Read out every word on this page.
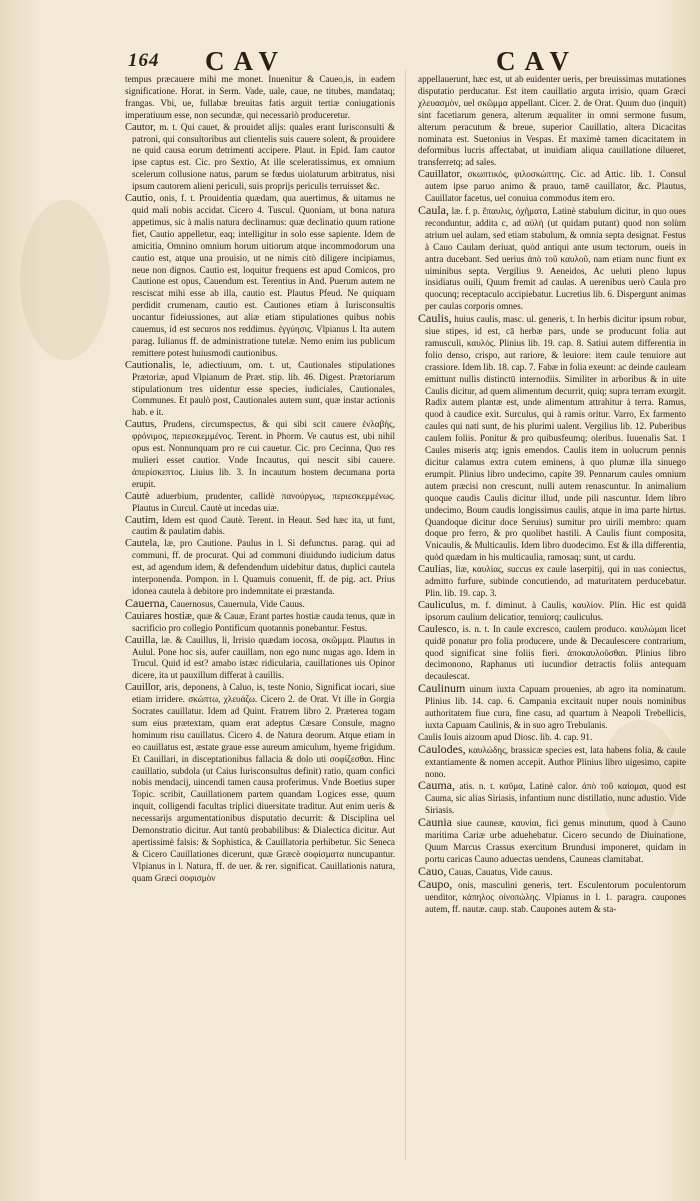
164 CAV	CAV

tempus præcauere mihi me monet. Inuenitur & Caueo,is, in eadem significatione. Horat. in Serm. Vade, uale, caue, ne titubes, mandataq; frangas. Vbi, ue, fullabæ breuitas fatis arguit tertiæ coniugationis imperatiuum esse, non secundæ, qui necessariò produceretur.

Cautor, m. t. Qui cauet, & prouidet alijs: quales erant Iurisconsulti & patroni, qui consultoribus aut clientelis suis cauere solent, & prouidere ne quid causa eorum detrimenti accipere. Plaut. in Epid. Iam cautor ipse captus est. Cic. pro Sextio, At ille sceleratissimus, ex omnium scelerum collusione natus, parum se fœdus uiolaturum arbitratus, nisi ipsum cautorem alieni periculi, suis proprijs periculis terruisset &c.

Cautio, onis, f. t. Prouidentia quædam, qua auertimus, & uitamus ne quid mali nobis accidat. Cicero 4. Tuscul. Quoniam, ut bona natura appetimus, sic à malis natura declinamus: quæ declinatio quum ratione fiet, Cautio appelletur, eaq; intelligitur in solo esse sapiente. Idem de amicitia, Omnino omnium horum uitiorum atque incommodorum una cautio est, atque una prouisio, ut ne nimis citò diligere incipiamus, neue non dignos. Cautio est, loquitur frequens est apud Comicos, pro Cautione est opus, Cauendum est. Terentius in And. Puerum autem ne resciscat mihi esse ab illa, cautio est. Plautus Pfeud. Ne quiquam perdidit crumenam, cautio est. Cautiones etiam à Iurisconsultis uocantur fideiussiones, aut aliæ etiam stipulationes quibus nobis cauemus, id est securos nos reddimus. ἐγγύησις. Vlpianus l. Ita autem parag. Iulianus ff. de administratione tutelæ. Nemo enim ius publicum remittere potest huiusmodi cautionibus.

Cautionalis, le, adiectiuum, om. t. ut, Cautionales stipulationes Prætoriæ, apud Vlpianum de Præt. stip. lib. 46. Digest. Prætoriarum stipulationum tres uidentur esse species, iudiciales, Cautionales, Communes. Et paulò post, Cautionales autem sunt, quæ instar actionis hab. e it.

Cautus, Prudens, circumspectus, & qui sibi scit cauere ἐνλαβὴς, φρόνιμος, περιεσκεμμένος. Terent. in Phorm. Ve cautus est, ubi nihil opus est. Nonnunquam pro re cui cauetur. Cic. pro Cecinna, Quo res mulieri esset cautior. Vnde Incautus, qui nescit sibi cauere. ἀπερίσκεπτος. Liuius lib. 3. In incautum hostem decumana porta erupit.

Cautè aduerbium, prudenter, callidè πανούργως, περιεσκεμμένως. Plautus in Curcul. Cautè ut incedas uiæ.

Cautim, Idem est quod Cautè. Terent. in Heaut. Sed hæc ita, ut funt, cautim & paulatim dabis.

Cautela, læ, pro Cautione. Paulus in l. Si defunctus. parag. qui ad communi, ff. de procurat. Qui ad communi diuidundo iudicium datus est, ad agendum idem, & defendendum uidebitur datus, duplici cautela interponenda. Pompon. in l. Quamuis conuenit, ff. de pig. act. Prius idonea cautela à debitore pro indemnitate ei præstanda.

Cauerna, Cauernosus, Cauernula, Vide Cauus.

Cauiares hostiæ, quæ & Cauæ, Erant partes hostiæ cauda tenus, quæ in sacrificio pro collegio Pontificum quotannis ponebantur. Festus.

Cauilla, læ. & Cauillus, li, Irrisio quædam iocosa, σκῶμμα. Plautus in Aulul. Pone hoc sis, aufer cauillam, non ego nunc nugas ago. Idem in Trucul. Quid id est? amabo istæc ridicularia, cauillationes uis Opinor dicere, ita ut pauxillum differat à cauillis.

Cauillor, aris, deponens, à Caluo, is, teste Nonio, Significat iocari, siue etiam irridere. σκώπτω, χλευάζω. Cicero 2. de Orat. Vt ille in Gorgia Socrates cauillatur. Idem ad Quint. Fratrem libro 2. Præterea togam sum eius prætextam, quam erat adeptus Cæsare Consule, magno hominum risu cauillatus. Cicero 4. de Natura deorum. Atque etiam in eo cauillatus est, æstate graue esse aureum amiculum, hyeme frigidum. Et Cauillari, in disceptationibus fallacia & dolo uti σοφίζεσθαι. Hinc cauillatio, subdola (ut Caius Iurisconsultus definit) ratio, quam confici nobis mendacij, uincendi tamen causa proferimus. Vnde Boetius super Topic. scribit, Cauillationem partem quandam Logices esse, quum inquit, colligendi facultas triplici diuersitate traditur. Aut enim ueris & necessarijs argumentationibus disputatio decurrit: & Disciplina uel Demonstratio dicitur. Aut tantù probabilibus: & Dialectica dicitur. Aut apertissimè falsis: & Sophistica, & Cauillatoria perhibetur. Sic Seneca & Cicero Cauillationes dicerunt, quæ Græcè σοφίσματα nuncupantur. Vlpianus in l. Natura, ff. de uer. & rer. significat. Cauillationis natura, quam Græci σοφισμὸν

appellauerunt, hæc est, ut ab euidenter ueris, per breuissimas mutationes disputatio perducatur. Est item cauillatio arguta irrisio, quam Græci χλευασμὸν, uel σκῶμμα appellant. Cicer. 2. de Orat. Quum duo (inquit) sint facetiarum genera, alterum æqualiter in omni sermone fusum, alterum peracutum & breue, superior Cauillatio, altera Dicacitas nominata est. Suetonius in Vespas. Et maximè tamen dicacitatem in deformibus lucris affectabat, ut inuidiam aliqua cauillatione dilueret, transferretq; ad sales.

Cauillator, σκωπτικός, φιλοσκώπτης. Cic. ad Attic. lib. 1. Consul autem ipse paruo animo & prauo, tamē cauillator, &c. Plautus, Cauillator facetus, uel conuiua commodus item ero.

Caula, læ. f. p. ἔπαυλις, ὀχῆματα, Latinè stabulum dicitur, in quo oues reconduntur, addita c, ad αὐλὴ (ut quidam putant) quod non solùm atrium uel aulam, sed etiam stabulum, & omnia septa designat. Festus à Cauo Caulam deriuat, quòd antiqui ante usum tectorum, oueis in antra ducebant. Sed uerius ἀπὸ τοῦ καυλοῦ, nam etiam nunc fiunt ex uiminibus septa. Vergilius 9. Aeneidos, Ac ueluti pleno lupus insidiatus ouili, Quum fremit ad caulas. A uerenibus uerò Caula pro quocunq; receptaculo accipiebatur. Lucretius lib. 6. Dispergunt animas per caulas corporis omnes.

Caulis, huius caulis, masc. ul. generis, t. In herbis dicitur ipsum robur, siue stipes, id est, cā herbæ pars, unde se producunt folia aut ramusculi, καυλός. Plinius lib. 19. cap. 8. Satiui autem differentia in folio denso, crispo, aut rariore, & leuiore: item caule tenuiore aut crassiore. Idem lib. 18. cap. 7. Fabæ in folia exeunt: ac deinde cauleam emittunt nullis distinctū internodiis. Similiter in arboribus & in uite Caulis dicitur, ad quem alimentum decurrit, quiq; supra terram exurgit. Radix autem plantæ est, unde alimentum attrahitur à terra. Ramus, quod à caudice exit. Surculus, qui à ramis oritur. Varro, Ex farmento caules qui nati sunt, de his plurimi ualent. Vergilius lib. 12. Puberibus caulem foliis. Ponitur & pro quibusfeumq; oleribus. Iuuenalis Sat. 1 Caules miseris atq; ignis emendos. Caulis item in uolucrum pennis dicitur calamus extra cutem eminens, à quo plumæ illa sinuego erumpit. Plinius libro undecimo, capite 39. Pennarum caules omnium autem præcisi non crescunt, nulli autem renascuntur. In animalium quoque caudis Caulis dicitur illud, unde pili nascuntur. Idem libro undecimo, Boum caudis longissimus caulis, atque in ima parte hirtus. Quandoque dicitur doce Seruius) sumitur pro uirili membro: quam doque pro ferro, & pro quolibet hastili. A Caulis fiunt composita, Vnicaulis, & Multicaulis. Idem libro duodecimo. Est & illa differentia, quòd quædam in his multicaulia, ramosaq; sunt, ut cardu.

Caulias, liæ, καυλίας, succus ex caule laserpitij, qui in uas coniectus, admitto furfure, subinde concutiendo, ad maturitatem perducebatur. Plin. lib. 19. cap. 3.

Cauliculus, m. f. diminut. à Caulis, καυλίον. Plin. Hic est quidā ipsorum caulium delicatior, tenuiorq; cauliculus.

Caulesco, is. n. t. In caule excresco, caulem produco. καυλώμαι licet quidē ponatur pro folia producere, unde & Decaulescere contrarium, quod significat sine foliis fieri. ἀποκαυλοῦσθαι. Plinius libro decimonono, Raphanus uti iucundior detractis foliis antequam decaulescat.

Caulinum uinum iuxta Capuam prouenies, ab agro ita nominatum. Plinius lib. 14. cap. 6. Campania excitauit nuper nouis nominibus authoritatem fiue cura, fine casu, ad quartum à Neapoli Trebellicis, iuxta Capuam Caulinis, & in suo agro Trebulanis.

Caulis Iouis aizoum apud Diosc. lib. 4. cap. 91.

Caulodes, καυλώδης, brassicæ species est, lata habens folia, & caule extantiamente & nomen accepit. Author Plinius libro uigesimo, capite nono.

Cauma, atis. n. t. καῦμα, Latinè calor. ἀπὸ τοῦ καίομαι, quod est Cauma, sic alias Siriasis, infantium nunc distillatio, nunc adustio. Vide Siriasis.

Caunia siue cauneæ, καυνίαι, fici genus minutum, quod à Cauno maritima Cariæ urbe aduehebatur. Cicero secundo de Diuinatione, Quum Marcus Crassus exercitum Brundusi imponeret, quidam in portu caricas Cauno aduectas uendens, Cauneas clamitabat.

Cauo, Cauas, Cauatus, Vide cauus.

Caupo, onis, masculini generis, tert. Esculentorum poculentorum uenditor, κάπηλος οἰνοπώλης. Vlpianus in l. 1. paragra. caupones autem, ff. nautæ. caup. stab. Caupones autem & sta-
